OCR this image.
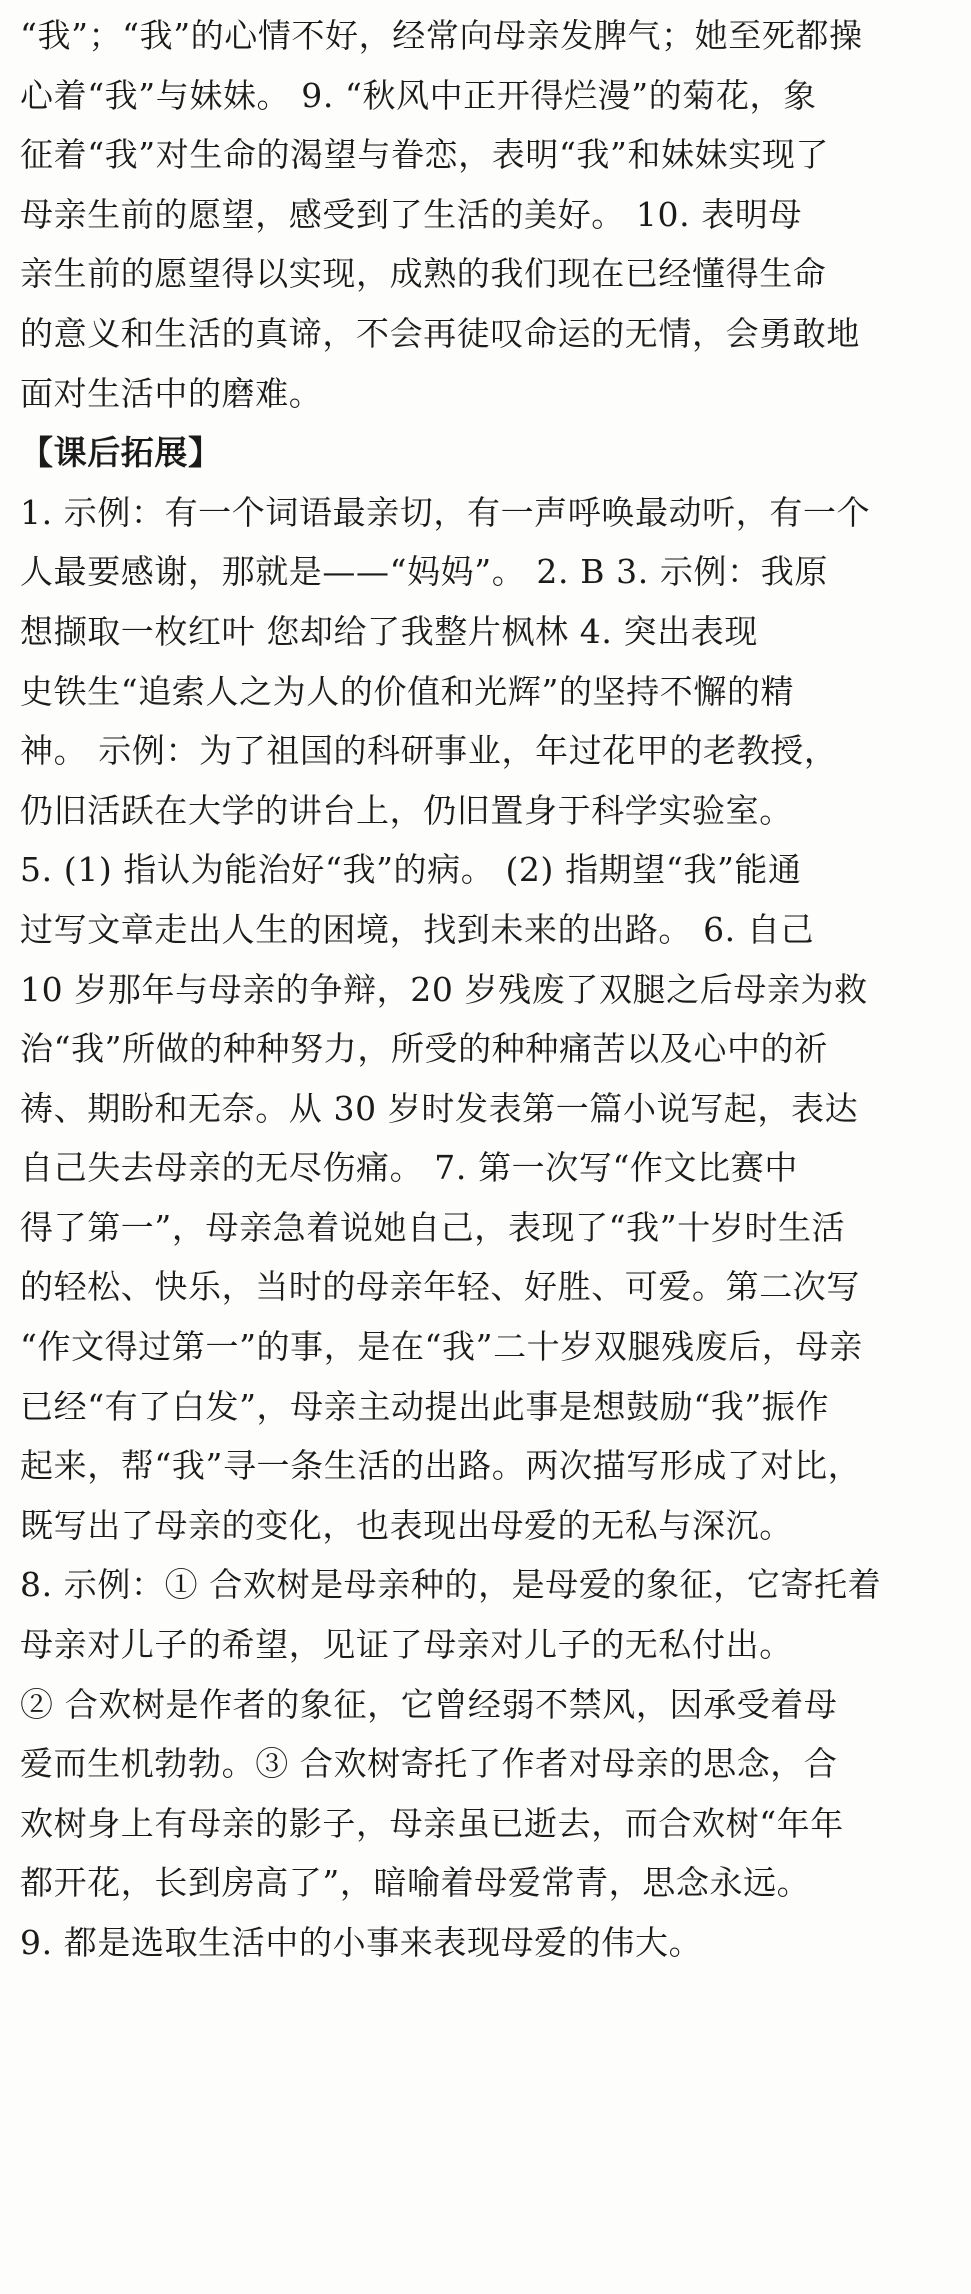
“我”；“我”的心情不好，经常向母亲发脾气；她至死都操
心着“我”与妹妹。 9. “秋风中正开得烂漫”的菊花，象
征着“我”对生命的渴望与眷恋，表明“我”和妹妹实现了
母亲生前的愿望，感受到了生活的美好。 10. 表明母
亲生前的愿望得以实现，成熟的我们现在已经懂得生命
的意义和生活的真谛，不会再徒叹命运的无情，会勇敢地
面对生活中的磨难。
【课后拓展】
1. 示例：有一个词语最亲切，有一声呼唤最动听，有一个
人最要感谢，那就是——“妈妈”。 2. B 3. 示例：我原
想撷取一枚红叶 您却给了我整片枫林 4. 突出表现
史铁生“追索人之为人的价值和光辉”的坚持不懈的精
神。 示例：为了祖国的科研事业，年过花甲的老教授，
仍旧活跃在大学的讲台上，仍旧置身于科学实验室。
5. (1) 指认为能治好“我”的病。 (2) 指期望“我”能通
过写文章走出人生的困境，找到未来的出路。 6. 自己
10 岁那年与母亲的争辩，20 岁残废了双腿之后母亲为救
治“我”所做的种种努力，所受的种种痛苦以及心中的祈
祷、期盼和无奈。从 30 岁时发表第一篇小说写起，表达
自己失去母亲的无尽伤痛。 7. 第一次写“作文比赛中
得了第一”，母亲急着说她自己，表现了“我”十岁时生活
的轻松、快乐，当时的母亲年轻、好胜、可爱。第二次写
“作文得过第一”的事，是在“我”二十岁双腿残废后，母亲
已经“有了白发”，母亲主动提出此事是想鼓励“我”振作
起来，帮“我”寻一条生活的出路。两次描写形成了对比，
既写出了母亲的变化，也表现出母爱的无私与深沉。
8. 示例：① 合欢树是母亲种的，是母爱的象征，它寄托着
母亲对儿子的希望，见证了母亲对儿子的无私付出。
② 合欢树是作者的象征，它曾经弱不禁风，因承受着母
爱而生机勃勃。③ 合欢树寄托了作者对母亲的思念，合
欢树身上有母亲的影子，母亲虽已逝去，而合欢树“年年
都开花，长到房高了”，暗喻着母爱常青，思念永远。
9. 都是选取生活中的小事来表现母爱的伟大。
